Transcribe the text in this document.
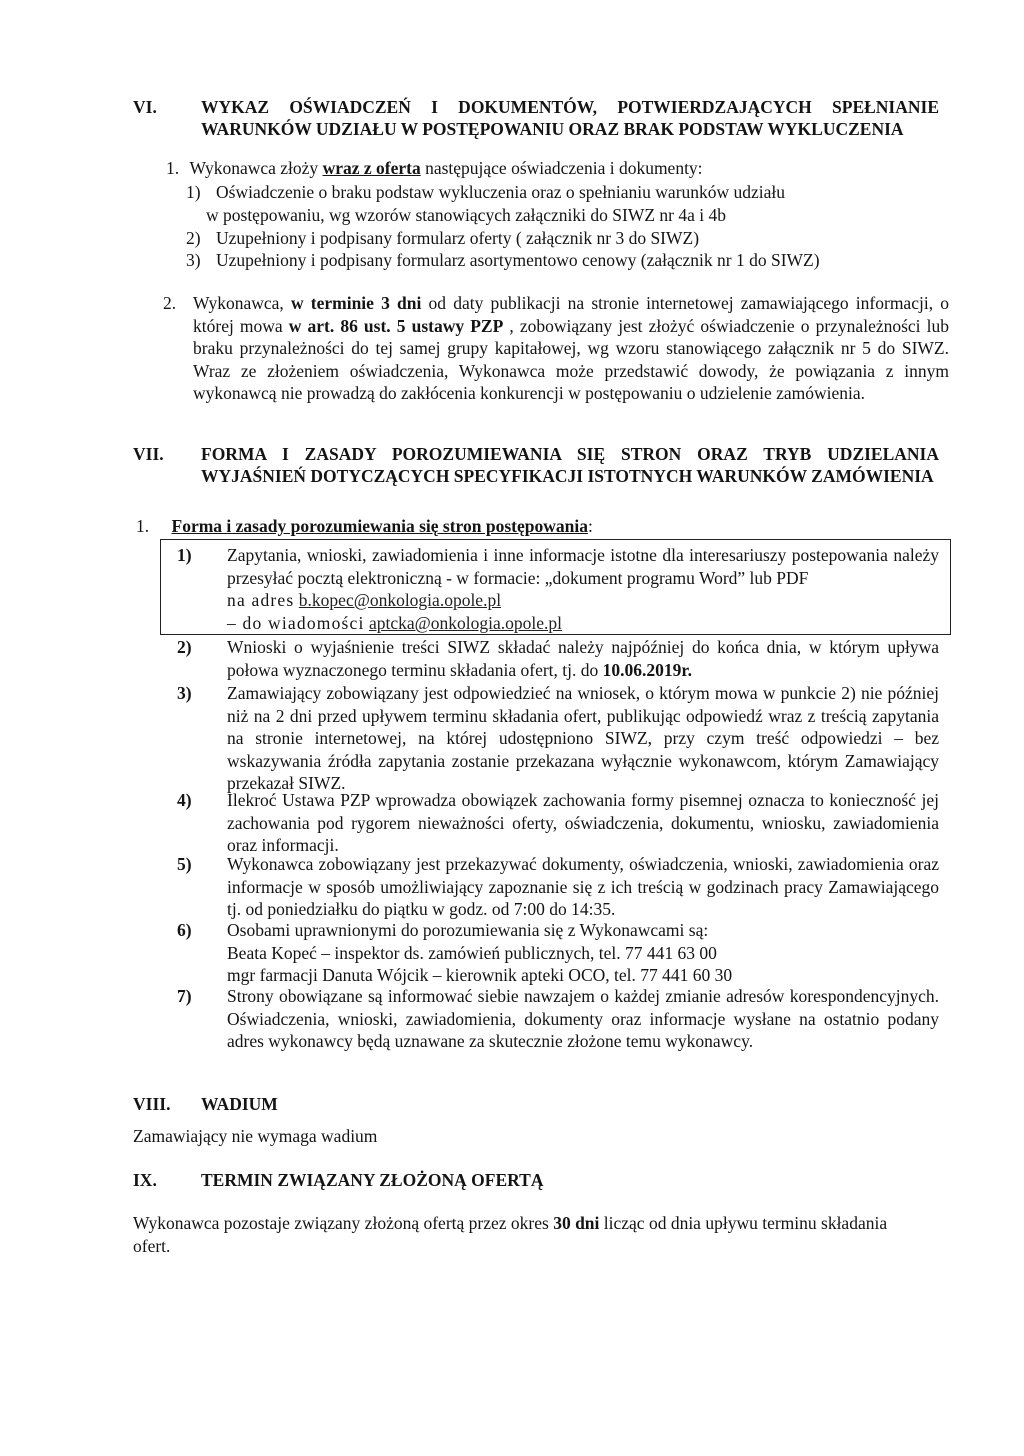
VI.	WYKAZ OŚWIADCZEŃ I DOKUMENTÓW, POTWIERDZAJĄCYCH SPEŁNIANIE WARUNKÓW UDZIAŁU W POSTĘPOWANIU ORAZ BRAK PODSTAW WYKLUCZENIA
1. Wykonawca złoży wraz z oferta następujące oświadczenia i dokumenty:
1) Oświadczenie o braku podstaw wykluczenia oraz o spełnianiu warunków udziału
w postępowaniu, wg wzorów stanowiących załączniki do SIWZ nr 4a i 4b
2) Uzupełniony i podpisany formularz oferty ( załącznik nr 3 do SIWZ)
3) Uzupełniony i podpisany formularz asortymentowo cenowy (załącznik nr 1 do SIWZ)
2. Wykonawca, w terminie 3 dni od daty publikacji na stronie internetowej zamawiającego informacji, o której mowa w art. 86 ust. 5 ustawy PZP , zobowiązany jest złożyć oświadczenie o przynależności lub braku przynależności do tej samej grupy kapitałowej, wg wzoru stanowiącego załącznik nr 5 do SIWZ. Wraz ze złożeniem oświadczenia, Wykonawca może przedstawić dowody, że powiązania z innym wykonawcą nie prowadzą do zakłócenia konkurencji w postępowaniu o udzielenie zamówienia.
VII. FORMA I ZASADY POROZUMIEWANIA SIĘ STRON ORAZ TRYB UDZIELANIA WYJAŚNIEŃ DOTYCZĄCYCH SPECYFIKACJI ISTOTNYCH WARUNKÓW ZAMÓWIENIA
1. Forma i zasady porozumiewania się stron postępowania:
1) Zapytania, wnioski, zawiadomienia i inne informacje istotne dla interesariuszy postepowania należy przesyłać pocztą elektroniczną - w formacie: „dokument programu Word” lub PDF
na adres b.kopec@onkologia.opole.pl
– do wiadomości aptcka@onkologia.opole.pl
2) Wnioski o wyjaśnienie treści SIWZ składać należy najpóźniej do końca dnia, w którym upływa połowa wyznaczonego terminu składania ofert, tj. do 10.06.2019r.
3) Zamawiający zobowiązany jest odpowiedzieć na wniosek, o którym mowa w punkcie 2) nie później niż na 2 dni przed upływem terminu składania ofert, publikując odpowiedź wraz z treścią zapytania na stronie internetowej, na której udostępniono SIWZ, przy czym treść odpowiedzi – bez wskazywania źródła zapytania zostanie przekazana wyłącznie wykonawcom, którym Zamawiający przekazał SIWZ.
4) Ilekroć Ustawa PZP wprowadza obowiązek zachowania formy pisemnej oznacza to konieczność jej zachowania pod rygorem nieważności oferty, oświadczenia, dokumentu, wniosku, zawiadomienia oraz informacji.
5) Wykonawca zobowiązany jest przekazywać dokumenty, oświadczenia, wnioski, zawiadomienia oraz informacje w sposób umożliwiający zapoznanie się z ich treścią w godzinach pracy Zamawiającego tj. od poniedziałku do piątku w godz. od 7:00 do 14:35.
6) Osobami uprawnionymi do porozumiewania się z Wykonawcami są:
Beata Kopeć – inspektor ds. zamówień publicznych, tel. 77 441 63 00
mgr farmacji Danuta Wójcik – kierownik apteki OCO, tel. 77 441 60 30
7) Strony obowiązane są informować siebie nawzajem o każdej zmianie adresów korespondencyjnych. Oświadczenia, wnioski, zawiadomienia, dokumenty oraz informacje wysłane na ostatnio podany adres wykonawcy będą uznawane za skutecznie złożone temu wykonawcy.
VIII. WADIUM
Zamawiający nie wymaga wadium
IX.	TERMIN ZWIĄZANY ZŁOŻONĄ OFERTĄ
Wykonawca pozostaje związany złożoną ofertą przez okres 30 dni licząc od dnia upływu terminu składania ofert.
